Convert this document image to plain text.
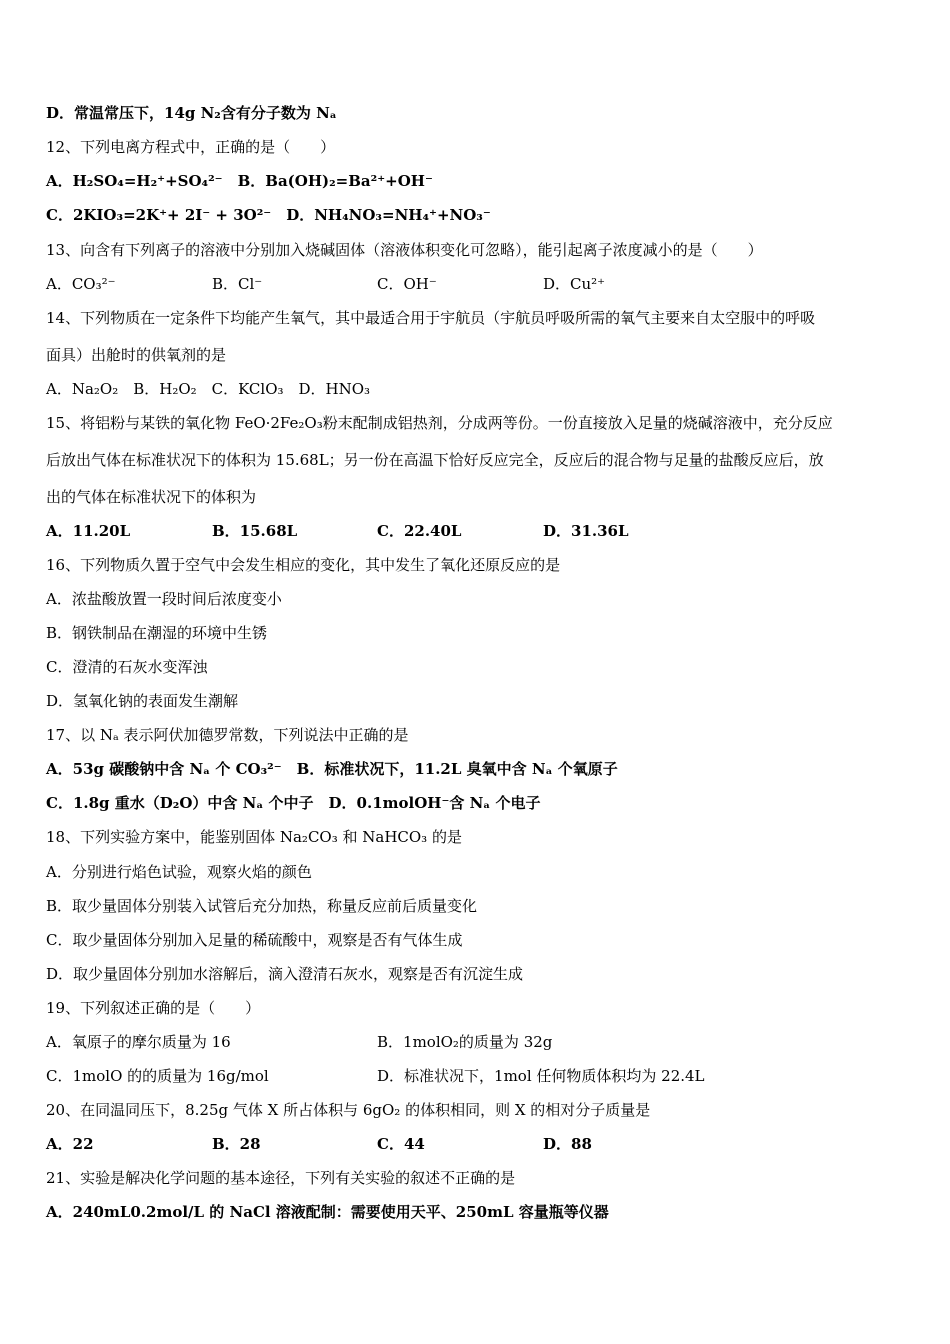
D．常温常压下，14g N₂含有分子数为 Nₐ
12、下列电离方程式中，正确的是（　　）
A．H₂SO₄=H₂⁺+SO₄²⁻　B．Ba(OH)₂=Ba²⁺+OH⁻
C．2KIO₃=2K⁺+ 2I⁻ + 3O²⁻　D．NH₄NO₃=NH₄⁺+NO₃⁻
13、向含有下列离子的溶液中分别加入烧碱固体（溶液体积变化可忽略），能引起离子浓度减小的是（　　）
A．CO₃²⁻	B．Cl⁻	C．OH⁻	D．Cu²⁺
14、下列物质在一定条件下均能产生氧气，其中最适合用于宇航员（宇航员呼吸所需的氧气主要来自太空服中的呼吸
面具）出舱时的供氧剂的是
A．Na₂O₂　B．H₂O₂　C．KClO₃　D．HNO₃
15、将铝粉与某铁的氧化物 FeO·2Fe₂O₃粉末配制成铝热剂，分成两等份。一份直接放入足量的烧碱溶液中，充分反应
后放出气体在标准状况下的体积为 15.68L；另一份在高温下恰好反应完全，反应后的混合物与足量的盐酸反应后，放
出的气体在标准状况下的体积为
A．11.20L	B．15.68L	C．22.40L	D．31.36L
16、下列物质久置于空气中会发生相应的变化，其中发生了氧化还原反应的是
A．浓盐酸放置一段时间后浓度变小
B．钢铁制品在潮湿的环境中生锈
C．澄清的石灰水变浑浊
D．氢氧化钠的表面发生潮解
17、以 Nₐ 表示阿伏加德罗常数，下列说法中正确的是
A．53g 碳酸钠中含 Nₐ 个 CO₃²⁻　B．标准状况下，11.2L 臭氧中含 Nₐ 个氧原子
C．1.8g 重水（D₂O）中含 Nₐ 个中子　D．0.1molOH⁻含 Nₐ 个电子
18、下列实验方案中，能鉴别固体 Na₂CO₃ 和 NaHCO₃ 的是
A．分别进行焰色试验，观察火焰的颜色
B．取少量固体分别装入试管后充分加热，称量反应前后质量变化
C．取少量固体分别加入足量的稀硫酸中，观察是否有气体生成
D．取少量固体分别加水溶解后，滴入澄清石灰水，观察是否有沉淀生成
19、下列叙述正确的是（　　）
A．氧原子的摩尔质量为 16	B．1molO₂的质量为 32g
C．1molO 的的质量为 16g/mol	D．标准状况下，1mol 任何物质体积均为 22.4L
20、在同温同压下，8.25g 气体 X 所占体积与 6gO₂ 的体积相同，则 X 的相对分子质量是
A．22	B．28	C．44	D．88
21、实验是解决化学问题的基本途径，下列有关实验的叙述不正确的是
A．240mL0.2mol/L 的 NaCl 溶液配制：需要使用天平、250mL 容量瓶等仪器
